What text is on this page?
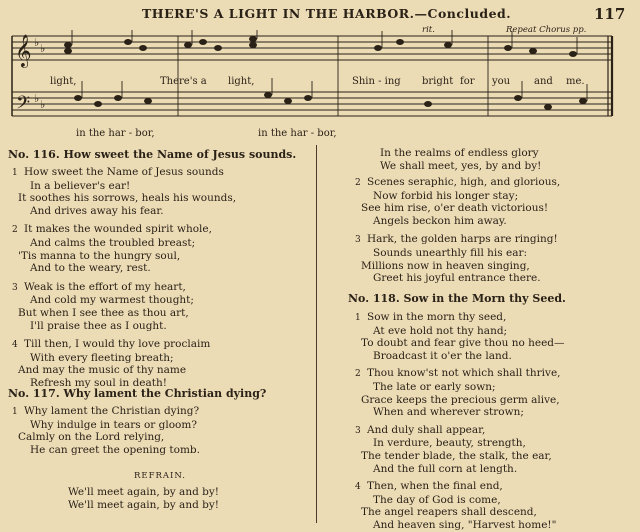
THERE'S A LIGHT IN THE HARBOR.—Concluded.	117
rit.	Repeat Chorus pp.
𝄞
𝄢
♭ ♭
♭ ♭
light,	There's a light,	Shin - ing bright for you and me.
in the har - bor,	in the har - bor,
No. 116. How sweet the Name of Jesus sounds.

1 How sweet the Name of Jesus sounds

In a believer's ear!

It soothes his sorrows, heals his wounds,

And drives away his fear.

2 It makes the wounded spirit whole,

And calms the troubled breast;

'Tis manna to the hungry soul,

And to the weary, rest.

3 Weak is the effort of my heart,

And cold my warmest thought;

But when I see thee as thou art,

I'll praise thee as I ought.

4 Till then, I would thy love proclaim

With every fleeting breath;

And may the music of thy name

Refresh my soul in death!

No. 117. Why lament the Christian dying?

1 Why lament the Christian dying?

Why indulge in tears or gloom?

Calmly on the Lord relying,

He can greet the opening tomb.

REFRAIN.

We'll meet again, by and by!

We'll meet again, by and by!

In the realms of endless glory

We shall meet, yes, by and by!

2 Scenes seraphic, high, and glorious,

Now forbid his longer stay;

See him rise, o'er death victorious!

Angels beckon him away.

3 Hark, the golden harps are ringing!

Sounds unearthly fill his ear:

Millions now in heaven singing,

Greet his joyful entrance there.

No. 118. Sow in the Morn thy Seed.

1 Sow in the morn thy seed,

At eve hold not thy hand;

To doubt and fear give thou no heed—

Broadcast it o'er the land.

2 Thou know'st not which shall thrive,

The late or early sown;

Grace keeps the precious germ alive,

When and wherever strown;

3 And duly shall appear,

In verdure, beauty, strength,

The tender blade, the stalk, the ear,

And the full corn at length.

4 Then, when the final end,

The day of God is come,

The angel reapers shall descend,

And heaven sing, "Harvest home!"
